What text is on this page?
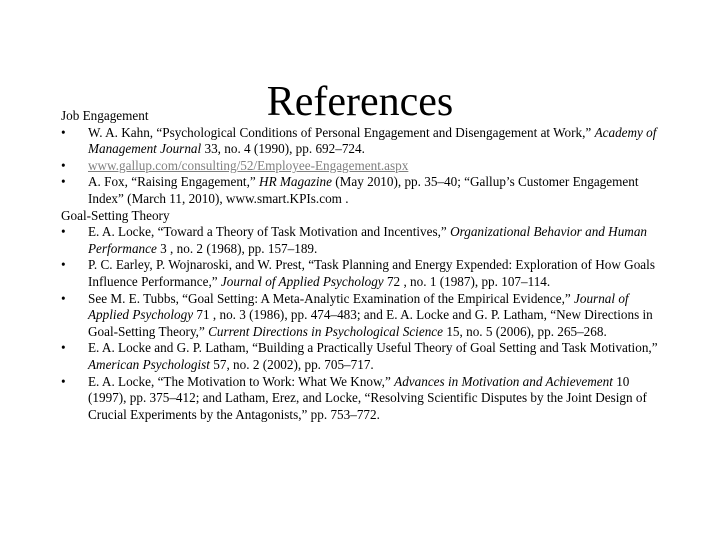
References
Job Engagement
•	W. A. Kahn, “Psychological Conditions of Personal Engagement and Disengagement at Work,” Academy of Management Journal 33, no. 4 (1990), pp. 692–724.
•	www.gallup.com/consulting/52/Employee-Engagement.aspx
•	A. Fox, “Raising Engagement,” HR Magazine (May 2010), pp. 35–40; “Gallup’s Customer Engagement Index” (March 11, 2010), www.smart.KPIs.com .
Goal-Setting Theory
•	E. A. Locke, “Toward a Theory of Task Motivation and Incentives,” Organizational Behavior and Human Performance 3 , no. 2 (1968), pp. 157–189.
•	P. C. Earley, P. Wojnaroski, and W. Prest, “Task Planning and Energy Expended: Exploration of How Goals Influence Performance,” Journal of Applied Psychology 72 , no. 1 (1987), pp. 107–114.
•	See M. E. Tubbs, “Goal Setting: A Meta-Analytic Examination of the Empirical Evidence,” Journal of Applied Psychology 71 , no. 3 (1986), pp. 474–483; and E. A. Locke and G. P. Latham, “New Directions in Goal-Setting Theory,” Current Directions in Psychological Science 15, no. 5 (2006), pp. 265–268.
•	E. A. Locke and G. P. Latham, “Building a Practically Useful Theory of Goal Setting and Task Motivation,” American Psychologist 57, no. 2 (2002), pp. 705–717.
•	E. A. Locke, “The Motivation to Work: What We Know,” Advances in Motivation and Achievement 10 (1997), pp. 375–412; and Latham, Erez, and Locke, “Resolving Scientific Disputes by the Joint Design of Crucial Experiments by the Antagonists,” pp. 753–772.
